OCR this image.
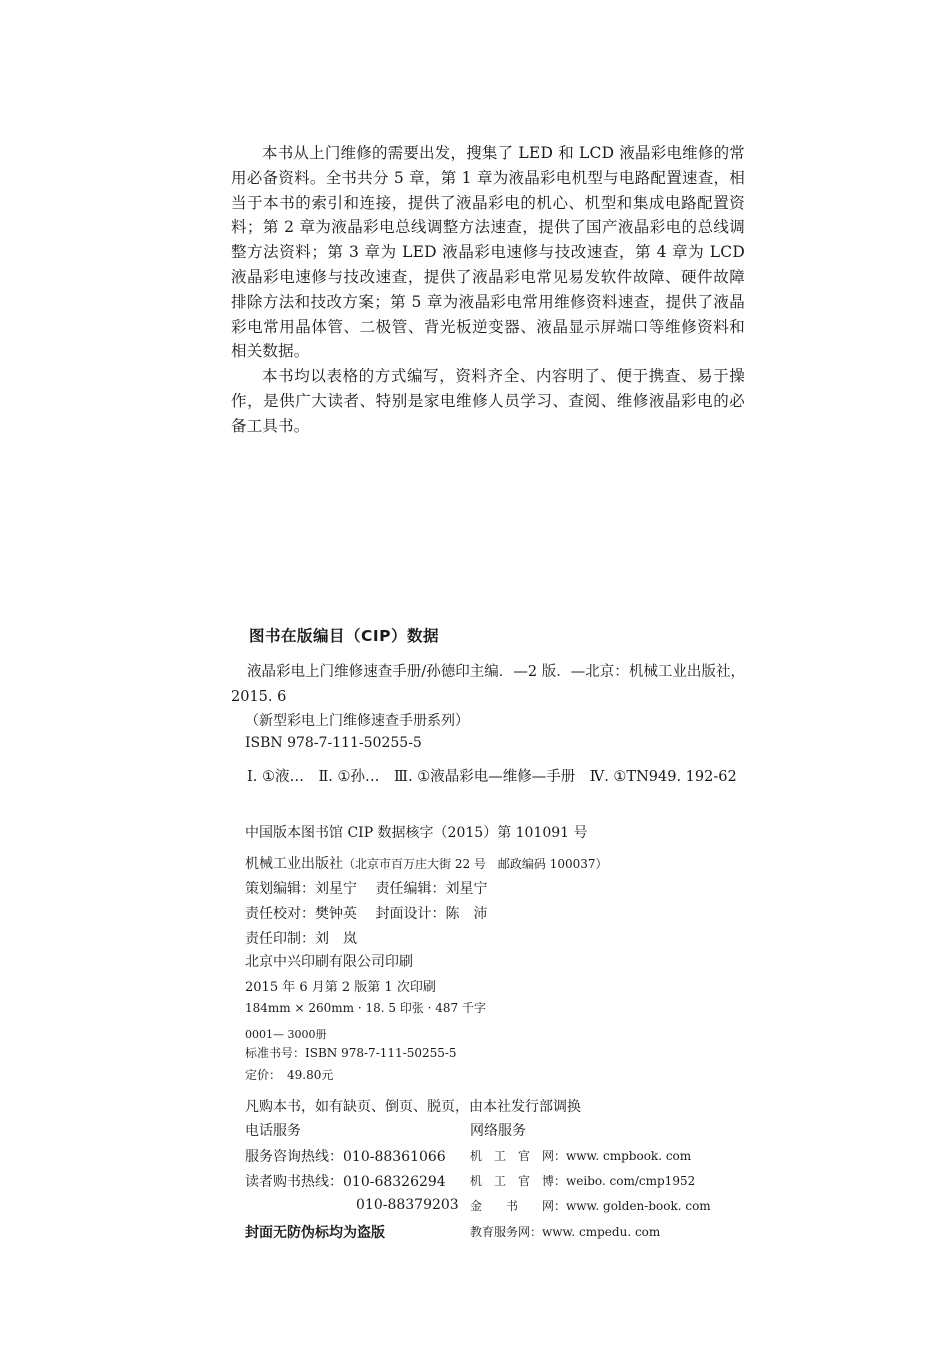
本书从上门维修的需要出发，搜集了 LED 和 LCD 液晶彩电维修的常用必备资料。全书共分 5 章，第 1 章为液晶彩电机型与电路配置速查，相当于本书的索引和连接，提供了液晶彩电的机心、机型和集成电路配置资料；第 2 章为液晶彩电总线调整方法速查，提供了国产液晶彩电的总线调整方法资料；第 3 章为 LED 液晶彩电速修与技改速查，第 4 章为 LCD 液晶彩电速修与技改速查，提供了液晶彩电常见易发软件故障、硬件故障排除方法和技改方案；第 5 章为液晶彩电常用维修资料速查，提供了液晶彩电常用晶体管、二极管、背光板逆变器、液晶显示屏端口等维修资料和相关数据。

本书均以表格的方式编写，资料齐全、内容明了、便于携查、易于操作，是供广大读者、特别是家电维修人员学习、查阅、维修液晶彩电的必备工具书。

图书在版编目（CIP）数据

液晶彩电上门维修速查手册/孙德印主编．—2 版．—北京：机械工业出版社，2015. 6

（新型彩电上门维修速查手册系列）

ISBN 978-7-111-50255-5

Ⅰ. ①液…　Ⅱ. ①孙…　Ⅲ. ①液晶彩电—维修—手册　Ⅳ. ①TN949. 192-62

中国版本图书馆 CIP 数据核字（2015）第 101091 号

机械工业出版社（北京市百万庄大街 22 号　邮政编码 100037）

策划编辑：刘星宁　 责任编辑：刘星宁

责任校对：樊钟英　 封面设计：陈　沛

责任印制：刘　岚

北京中兴印刷有限公司印刷

2015 年 6 月第 2 版第 1 次印刷

184mm × 260mm · 18. 5 印张 · 487 千字

0001— 3000册

标准书号：ISBN 978-7-111-50255-5

定价：　49.80元

凡购本书，如有缺页、倒页、脱页，由本社发行部调换

电话服务	网络服务

服务咨询热线：010-88361066 机　工　官　网：www. cmpbook. com

读者购书热线：010-68326294 机　工　官　博：weibo. com/cmp1952

010-88379203 金　　书　　网：www. golden-book. com

封面无防伪标均为盗版	教育服务网：www. cmpedu. com
